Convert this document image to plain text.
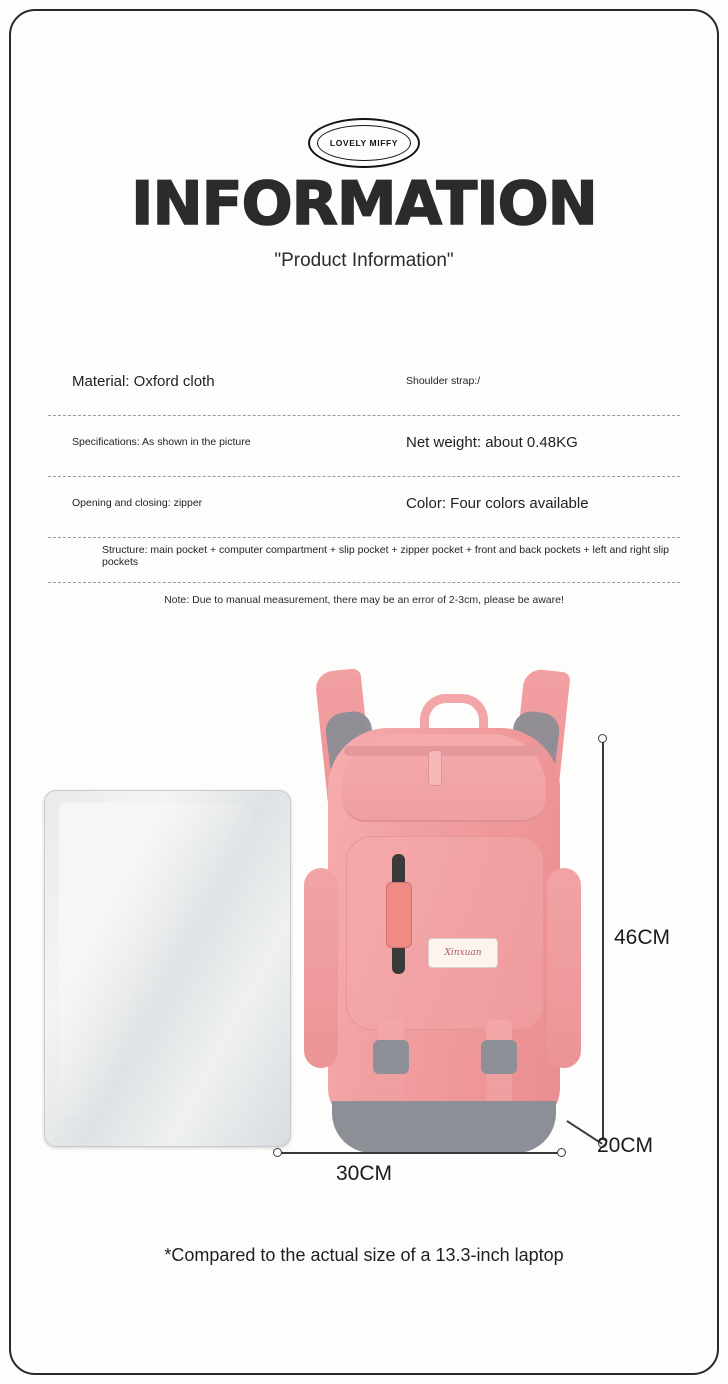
LOVELY MIFFY
INFORMATION
"Product Information"
Material: Oxford cloth	Shoulder strap:/
Specifications: As shown in the picture	Net weight: about 0.48KG
Opening and closing: zipper	Color: Four colors available
Structure: main pocket + computer compartment + slip pocket + zipper pocket + front and back pockets + left and right slip pockets
Note: Due to manual measurement, there may be an error of 2-3cm, please be aware!
Xinxuan
46CM
30CM
20CM
*Compared to the actual size of a 13.3-inch laptop
